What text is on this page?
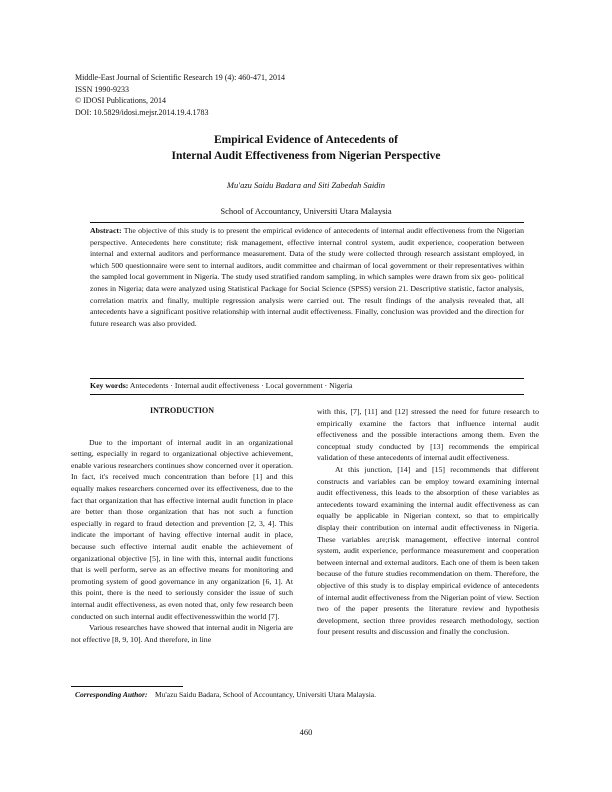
Middle-East Journal of Scientific Research 19 (4): 460-471, 2014
ISSN 1990-9233
© IDOSI Publications, 2014
DOI: 10.5829/idosi.mejsr.2014.19.4.1783
Empirical Evidence of Antecedents of
Internal Audit Effectiveness from Nigerian Perspective
Mu'azu Saidu Badara and Siti Zabedah Saidin
School of Accountancy, Universiti Utara Malaysia
Abstract: The objective of this study is to present the empirical evidence of antecedents of internal audit effectiveness from the Nigerian perspective. Antecedents here constitute; risk management, effective internal control system, audit experience, cooperation between internal and external auditors and performance measurement. Data of the study were collected through research assistant employed, in which 500 questionnaire were sent to internal auditors, audit committee and chairman of local government or their representatives within the sampled local government in Nigeria. The study used stratified random sampling, in which samples were drawn from six geo- political zones in Nigeria; data were analyzed using Statistical Package for Social Science (SPSS) version 21. Descriptive statistic, factor analysis, correlation matrix and finally, multiple regression analysis were carried out. The result findings of the analysis revealed that, all antecedents have a significant positive relationship with internal audit effectiveness. Finally, conclusion was provided and the direction for future research was also provided.
Key words: Antecedents · Internal audit effectiveness · Local government · Nigeria
INTRODUCTION

Due to the important of internal audit in an organizational setting, especially in regard to organizational objective achievement, enable various researchers continues show concerned over it operation. In fact, it's received much concentration than before [1] and this equally makes researchers concerned over its effectiveness, due to the fact that organization that has effective internal audit function in place are better than those organization that has not such a function especially in regard to fraud detection and prevention [2, 3, 4]. This indicate the important of having effective internal audit in place, because such effective internal audit enable the achievement of organizational objective [5], in line with this, internal audit functions that is well perform, serve as an effective means for monitoring and promoting system of good governance in any organization [6, 1]. At this point, there is the need to seriously consider the issue of such internal audit effectiveness, as even noted that, only few research been conducted on such internal audit effectivenesswithin the world [7].

Various researches have showed that internal audit in Nigeria are not effective [8, 9, 10]. And therefore, in line

with this, [7], [11] and [12] stressed the need for future research to empirically examine the factors that influence internal audit effectiveness and the possible interactions among them. Even the conceptual study conducted by [13] recommends the empirical validation of these antecedents of internal audit effectiveness.

At this junction, [14] and [15] recommends that different constructs and variables can be employ toward examining internal audit effectiveness, this leads to the absorption of these variables as antecedents toward examining the internal audit effectiveness as can equally be applicable in Nigerian context, so that to empirically display their contribution on internal audit effectiveness in Nigeria. These variables are;risk management, effective internal control system, audit experience, performance measurement and cooperation between internal and external auditors. Each one of them is been taken because of the future studies recommendation on them. Therefore, the objective of this study is to display empirical evidence of antecedents of internal audit effectiveness from the Nigerian point of view. Section two of the paper presents the literature review and hypothesis development, section three provides research methodology, section four present results and discussion and finally the conclusion.

Corresponding Author: Mu'azu Saidu Badara, School of Accountancy, Universiti Utara Malaysia.
460
